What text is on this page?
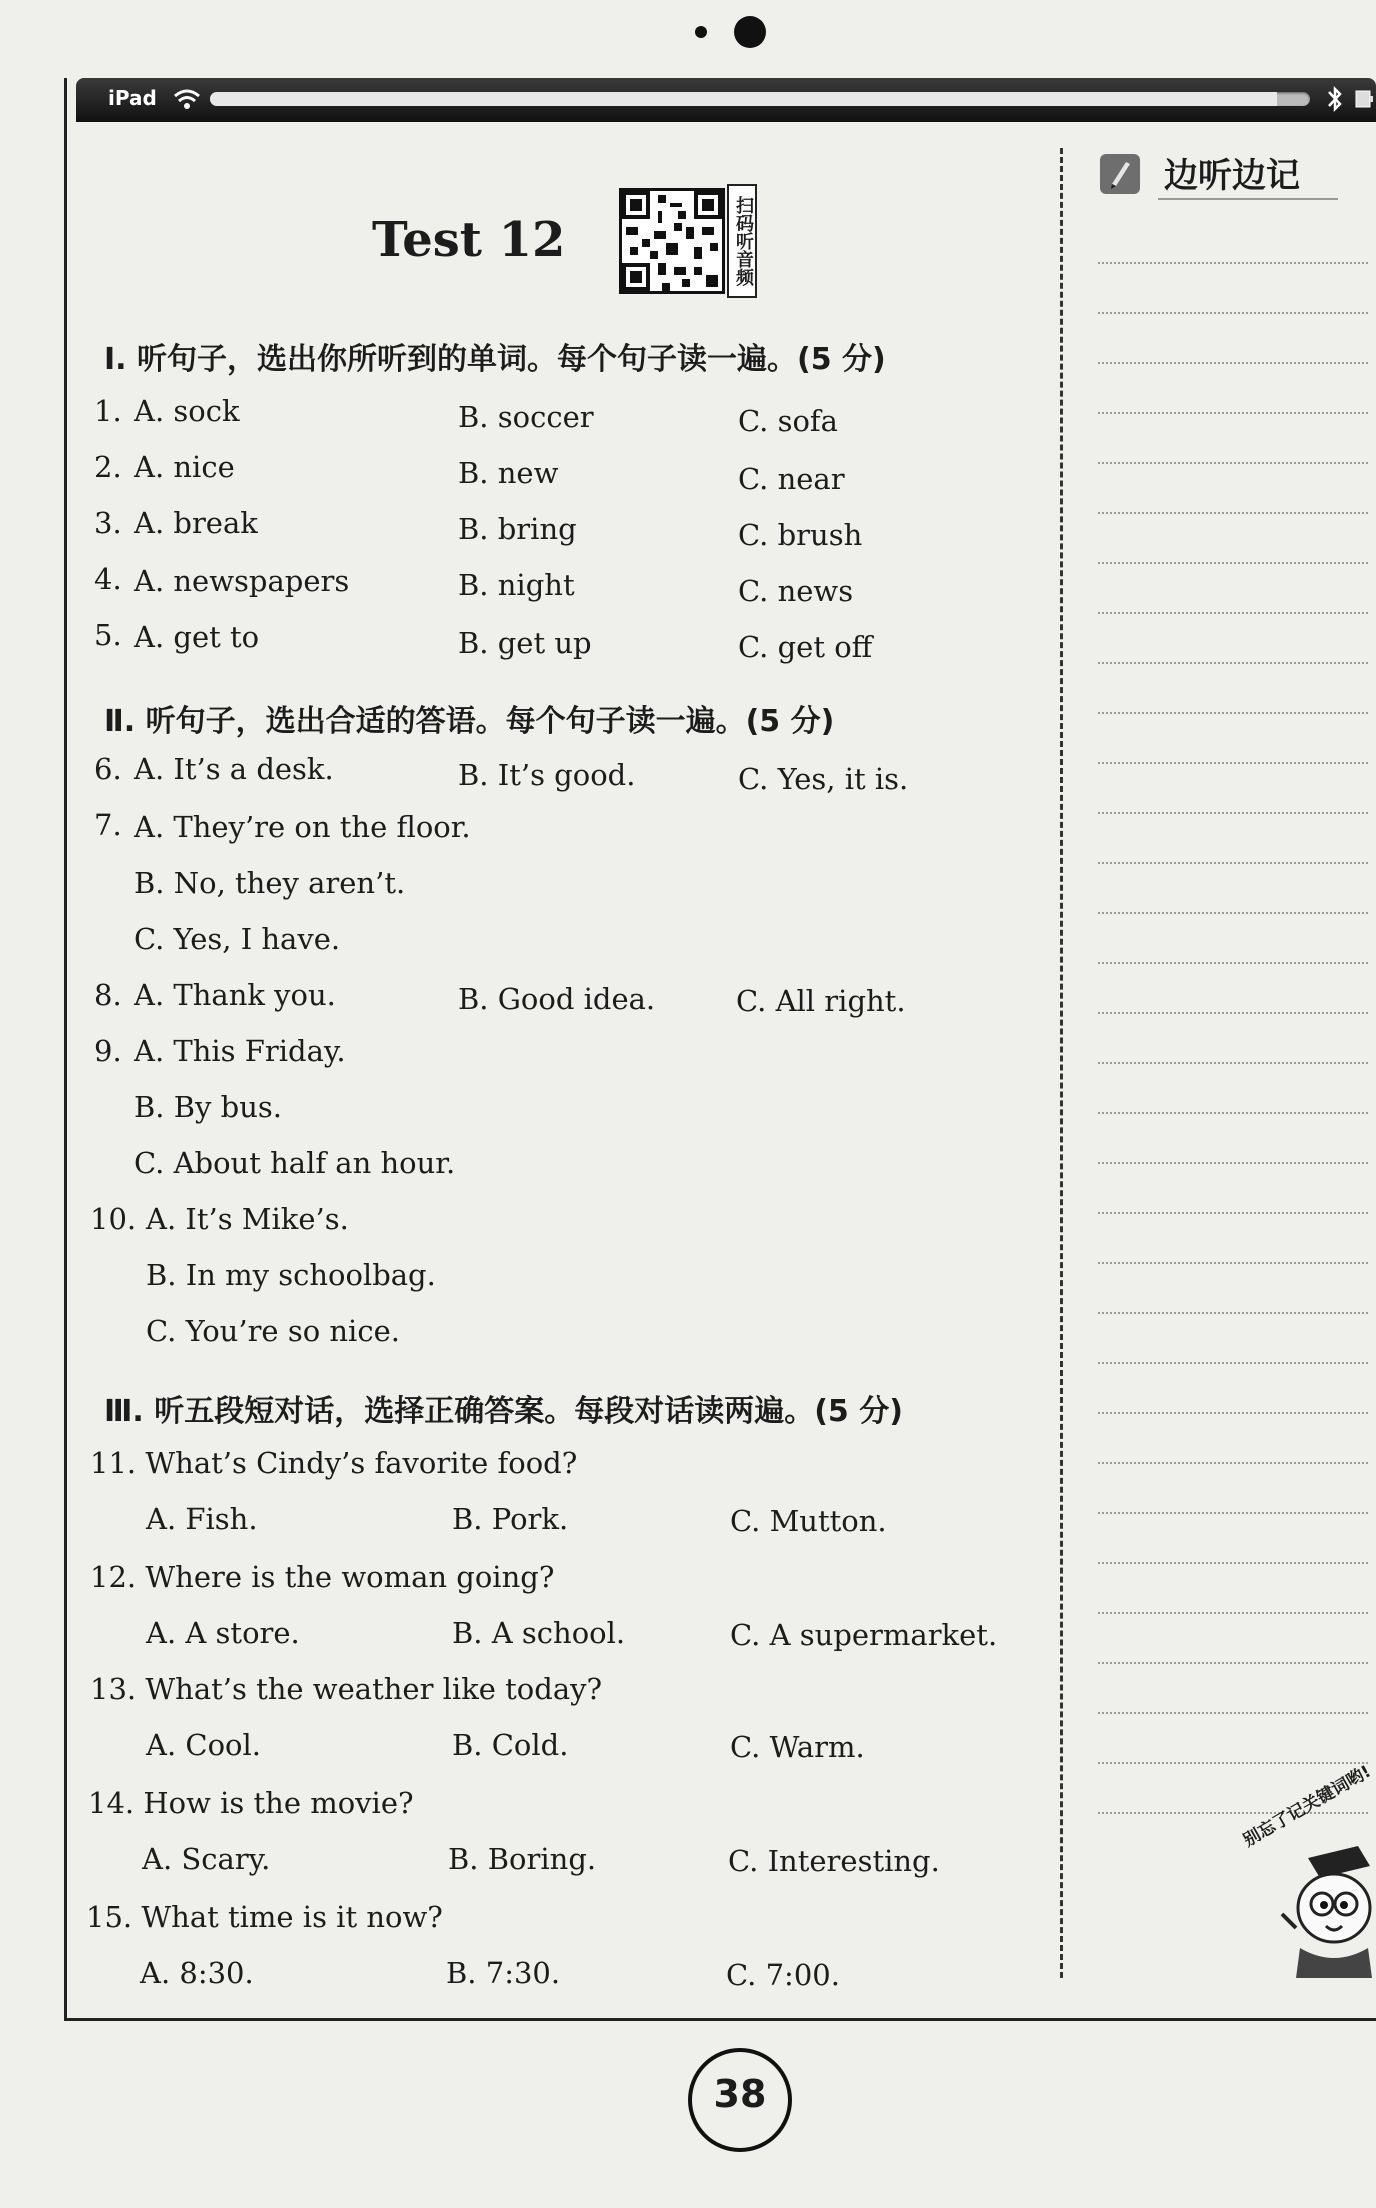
iPad
Test 12	扫码听音频
Ⅰ. 听句子，选出你所听到的单词。每个句子读一遍。(5 分)
1. A. sock	B. soccer	C. sofa
2. A. nice	B. new	C. near
3. A. break	B. bring	C. brush
4. A. newspapers	B. night	C. news
5. A. get to	B. get up	C. get off
Ⅱ. 听句子，选出合适的答语。每个句子读一遍。(5 分)
6. A. It’s a desk.	B. It’s good.	C. Yes, it is.
7. A. They’re on the floor.
B. No, they aren’t.
C. Yes, I have.
8. A. Thank you.	B. Good idea.	C. All right.
9. A. This Friday.
B. By bus.
C. About half an hour.
10. A. It’s Mike’s.
B. In my schoolbag.
C. You’re so nice.
Ⅲ. 听五段短对话，选择正确答案。每段对话读两遍。(5 分)
11. What’s Cindy’s favorite food?
A. Fish.	B. Pork.	C. Mutton.
12. Where is the woman going?
A. A store.	B. A school.	C. A supermarket.
13. What’s the weather like today?
A. Cool.	B. Cold.	C. Warm.
14. How is the movie?
A. Scary.	B. Boring.	C. Interesting.
15. What time is it now?
A. 8:30.	B. 7:30.	C. 7:00.
边听边记
别忘了记关键词哟!
38
